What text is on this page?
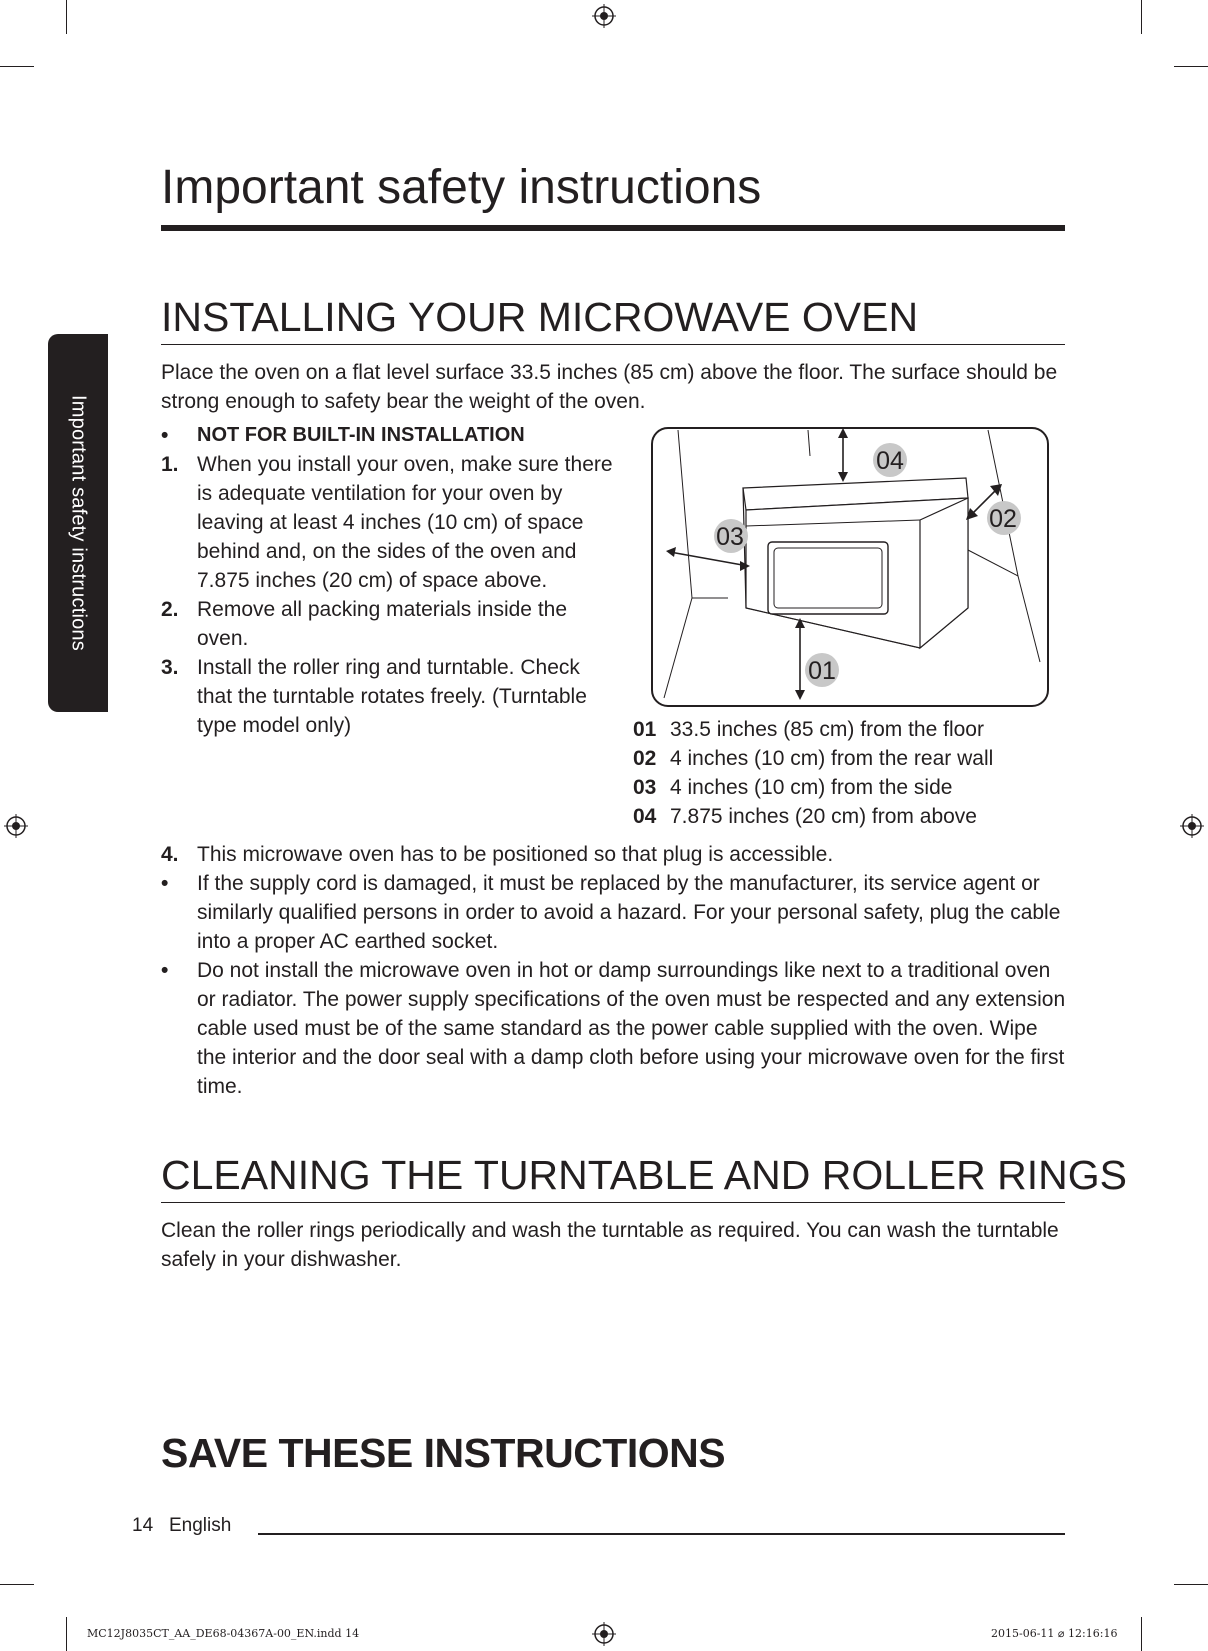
Important safety instructions
Important safety instructions
INSTALLING YOUR MICROWAVE OVEN

Place the oven on a flat level surface 33.5 inches (85 cm) above the floor. The surface should be strong enough to safety bear the weight of the oven.

• NOT FOR BUILT-IN INSTALLATION
1. When you install your oven, make sure there is adequate ventilation for your oven by leaving at least 4 inches (10 cm) of space behind and, on the sides of the oven and 7.875 inches (20 cm) of space above.
2. Remove all packing materials inside the oven.
3. Install the roller ring and turntable. Check that the turntable rotates freely. (Turntable type model only)
04
02
03
01
01 33.5 inches (85 cm) from the floor
02 4 inches (10 cm) from the rear wall
03 4 inches (10 cm) from the side
04 7.875 inches (20 cm) from above
4. This microwave oven has to be positioned so that plug is accessible.
• If the supply cord is damaged, it must be replaced by the manufacturer, its service agent or similarly qualified persons in order to avoid a hazard. For your personal safety, plug the cable into a proper AC earthed socket.
• Do not install the microwave oven in hot or damp surroundings like next to a traditional oven or radiator. The power supply specifications of the oven must be respected and any extension cable used must be of the same standard as the power cable supplied with the oven. Wipe the interior and the door seal with a damp cloth before using your microwave oven for the first time.
CLEANING THE TURNTABLE AND ROLLER RINGS

Clean the roller rings periodically and wash the turntable as required. You can wash the turntable safely in your dishwasher.

SAVE THESE INSTRUCTIONS
14 English
MC12J8035CT_AA_DE68-04367A-00_EN.indd 14	2015-06-11 ⌀ 12:16:16
